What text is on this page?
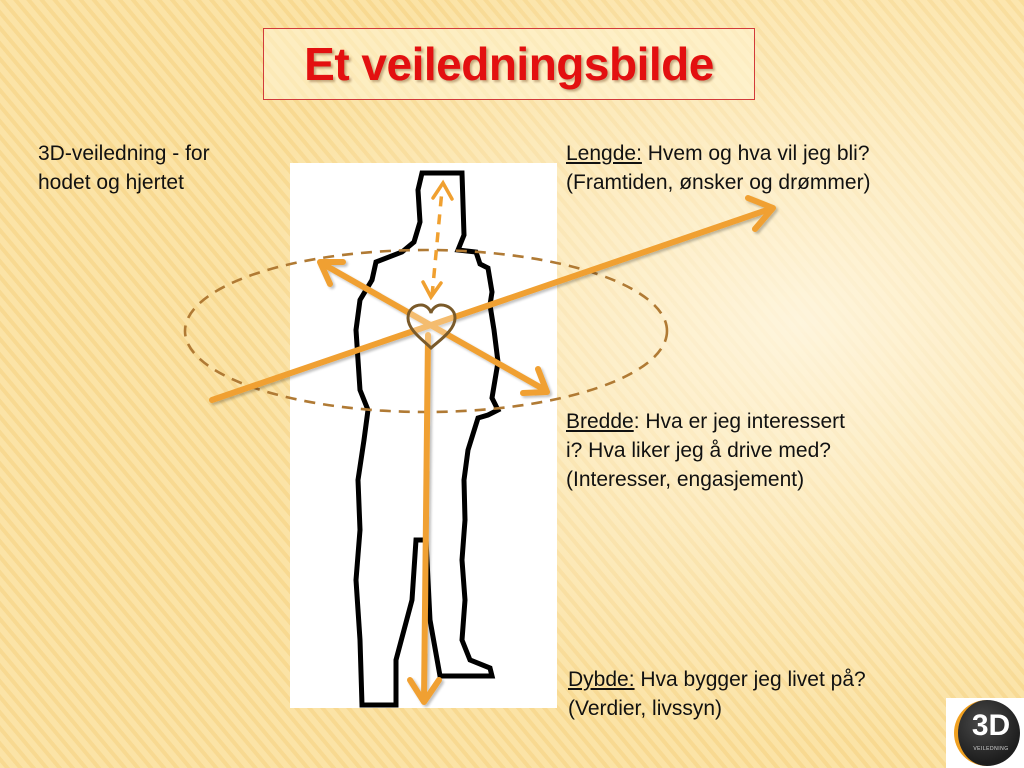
Et veiledningsbilde
3D-veiledning - for hodet og hjertet
Lengde: Hvem og hva vil jeg bli? (Framtiden, ønsker og drømmer)
Bredde: Hva er jeg interessert i? Hva liker jeg å drive med? (Interesser, engasjement)
Dybde: Hva bygger jeg livet på? (Verdier, livssyn)
3D
VEILEDNING
